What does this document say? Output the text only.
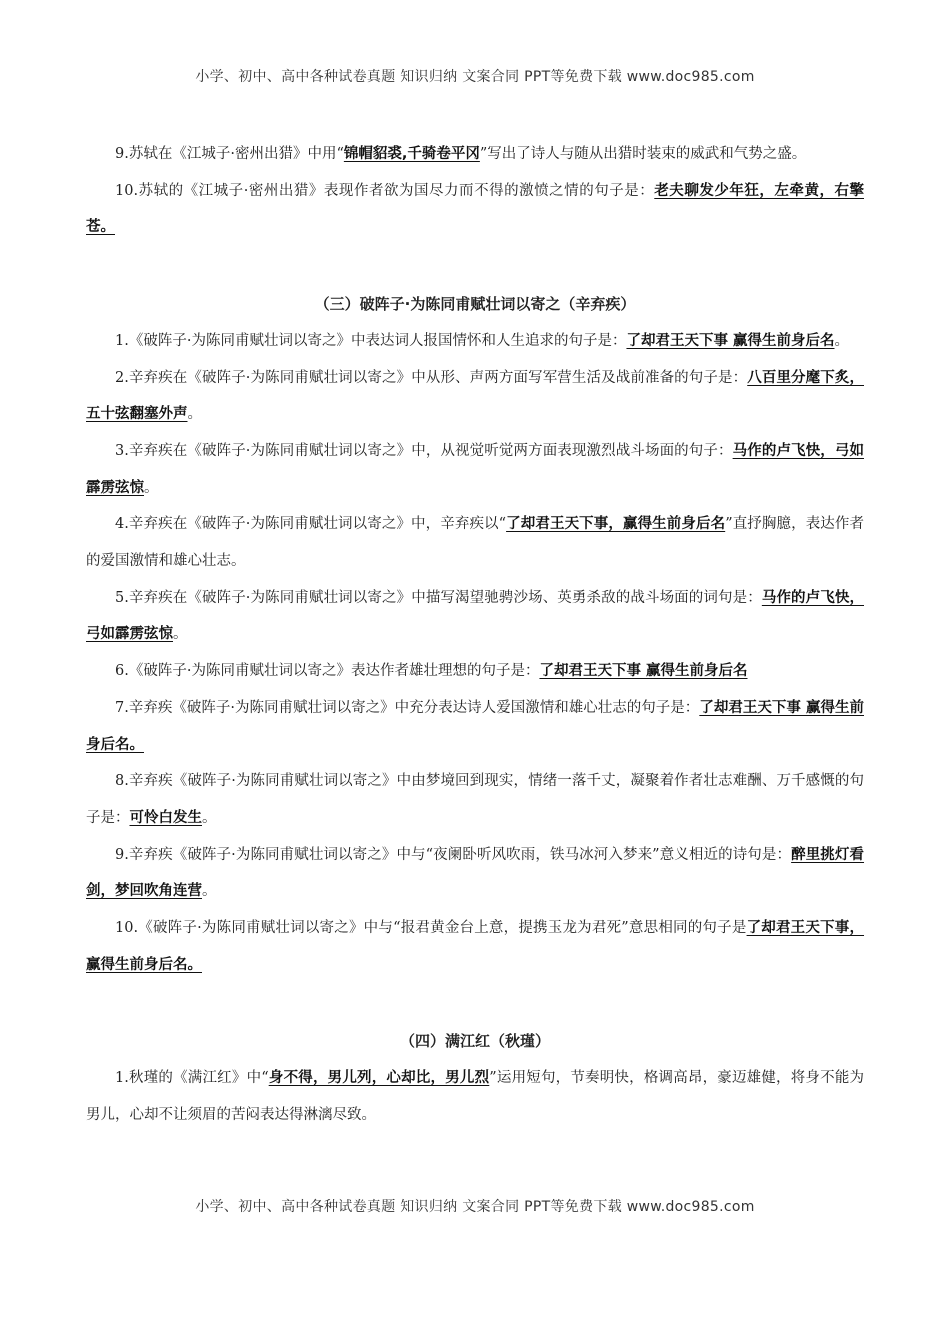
小学、初中、高中各种试卷真题 知识归纳 文案合同 PPT等免费下载 www.doc985.com

9.苏轼在《江城子·密州出猎》中用“锦帽貂裘,千骑卷平冈”写出了诗人与随从出猎时装束的威武和气势之盛。

10.苏轼的《江城子·密州出猎》表现作者欲为国尽力而不得的激愤之情的句子是：老夫聊发少年狂，左牵黄，右擎苍。

（三）破阵子·为陈同甫赋壮词以寄之（辛弃疾）

1.《破阵子·为陈同甫赋壮词以寄之》中表达词人报国情怀和人生追求的句子是：了却君王天下事 赢得生前身后名。

2.辛弃疾在《破阵子·为陈同甫赋壮词以寄之》中从形、声两方面写军营生活及战前准备的句子是：八百里分麾下炙，五十弦翻塞外声。

3.辛弃疾在《破阵子·为陈同甫赋壮词以寄之》中，从视觉听觉两方面表现激烈战斗场面的句子：马作的卢飞快，弓如霹雳弦惊。

4.辛弃疾在《破阵子·为陈同甫赋壮词以寄之》中，辛弃疾以“了却君王天下事，赢得生前身后名”直抒胸臆，表达作者的爱国激情和雄心壮志。

5.辛弃疾在《破阵子·为陈同甫赋壮词以寄之》中描写渴望驰骋沙场、英勇杀敌的战斗场面的词句是：马作的卢飞快，弓如霹雳弦惊。

6.《破阵子·为陈同甫赋壮词以寄之》表达作者雄壮理想的句子是：了却君王天下事 赢得生前身后名

7.辛弃疾《破阵子·为陈同甫赋壮词以寄之》中充分表达诗人爱国激情和雄心壮志的句子是：了却君王天下事 赢得生前身后名。

8.辛弃疾《破阵子·为陈同甫赋壮词以寄之》中由梦境回到现实，情绪一落千丈，凝聚着作者壮志难酬、万千感慨的句子是：可怜白发生。

9.辛弃疾《破阵子·为陈同甫赋壮词以寄之》中与“夜阑卧听风吹雨，铁马冰河入梦来”意义相近的诗句是：醉里挑灯看剑，梦回吹角连营。

10.《破阵子·为陈同甫赋壮词以寄之》中与“报君黄金台上意，提携玉龙为君死”意思相同的句子是了却君王天下事，赢得生前身后名。

（四）满江红（秋瑾）

1.秋瑾的《满江红》中“身不得，男儿列，心却比，男儿烈”运用短句，节奏明快，格调高昂，豪迈雄健，将身不能为男儿，心却不让须眉的苦闷表达得淋漓尽致。

小学、初中、高中各种试卷真题 知识归纳 文案合同 PPT等免费下载 www.doc985.com
